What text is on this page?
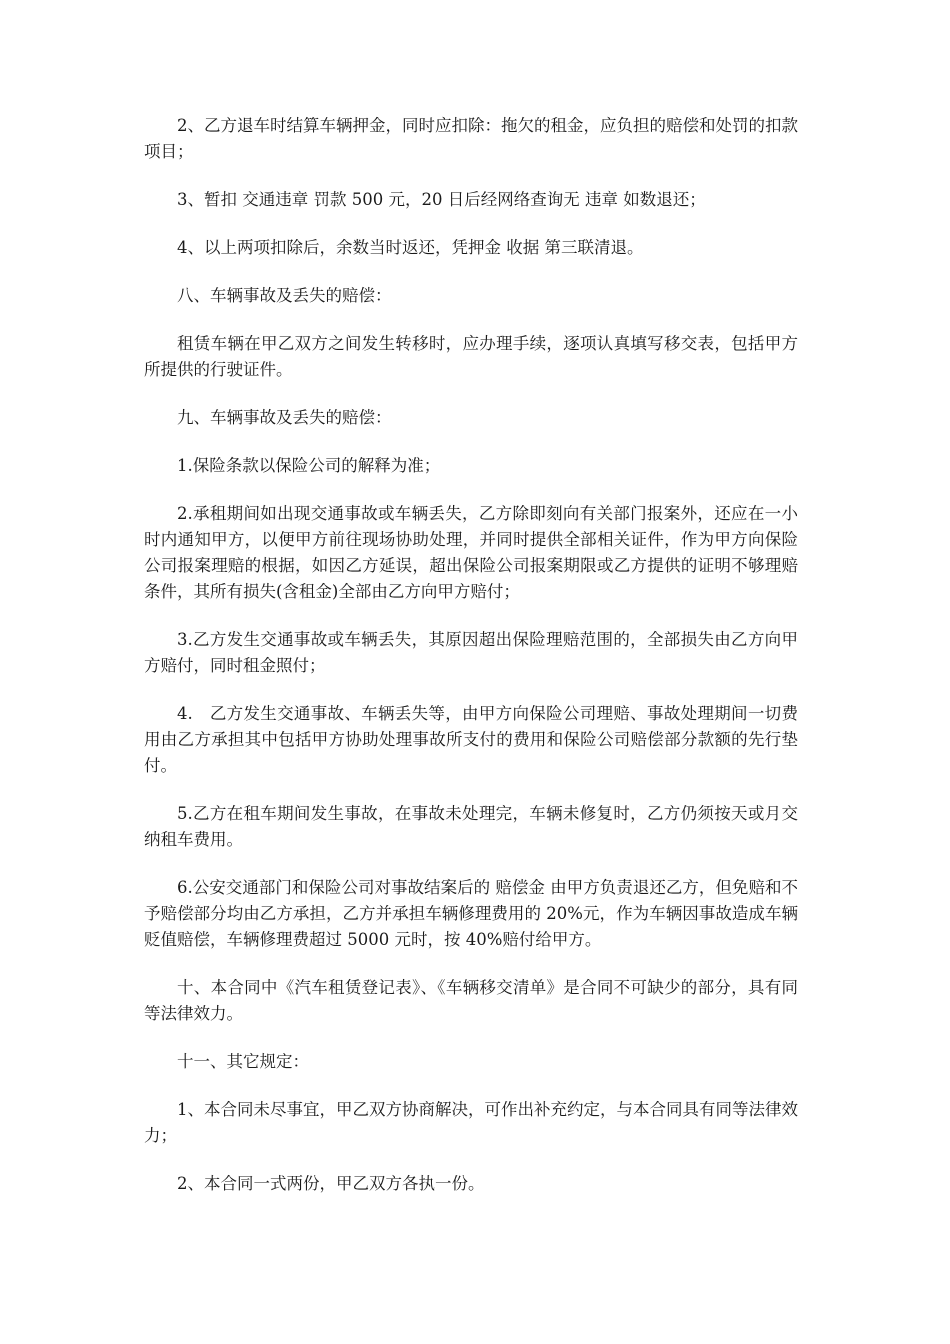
2、乙方退车时结算车辆押金，同时应扣除：拖欠的租金，应负担的赔偿和处罚的扣款项目；

3、暂扣 交通违章 罚款 500 元，20 日后经网络查询无 违章 如数退还；

4、以上两项扣除后，余数当时返还，凭押金 收据 第三联清退。

八、车辆事故及丢失的赔偿：

租赁车辆在甲乙双方之间发生转移时，应办理手续，逐项认真填写移交表，包括甲方所提供的行驶证件。

九、车辆事故及丢失的赔偿：

1.保险条款以保险公司的解释为准；

2.承租期间如出现交通事故或车辆丢失，乙方除即刻向有关部门报案外，还应在一小时内通知甲方，以便甲方前往现场协助处理，并同时提供全部相关证件，作为甲方向保险公司报案理赔的根据，如因乙方延误，超出保险公司报案期限或乙方提供的证明不够理赔条件，其所有损失(含租金)全部由乙方向甲方赔付；

3.乙方发生交通事故或车辆丢失，其原因超出保险理赔范围的，全部损失由乙方向甲方赔付，同时租金照付；

4.　乙方发生交通事故、车辆丢失等，由甲方向保险公司理赔、事故处理期间一切费用由乙方承担其中包括甲方协助处理事故所支付的费用和保险公司赔偿部分款额的先行垫付。

5.乙方在租车期间发生事故，在事故未处理完，车辆未修复时，乙方仍须按天或月交纳租车费用。

6.公安交通部门和保险公司对事故结案后的 赔偿金 由甲方负责退还乙方，但免赔和不予赔偿部分均由乙方承担，乙方并承担车辆修理费用的 20%元，作为车辆因事故造成车辆贬值赔偿，车辆修理费超过 5000 元时，按 40%赔付给甲方。

十、本合同中《汽车租赁登记表》、《车辆移交清单》是合同不可缺少的部分，具有同等法律效力。

十一、其它规定：

1、本合同未尽事宜，甲乙双方协商解决，可作出补充约定，与本合同具有同等法律效力；

2、本合同一式两份，甲乙双方各执一份。
